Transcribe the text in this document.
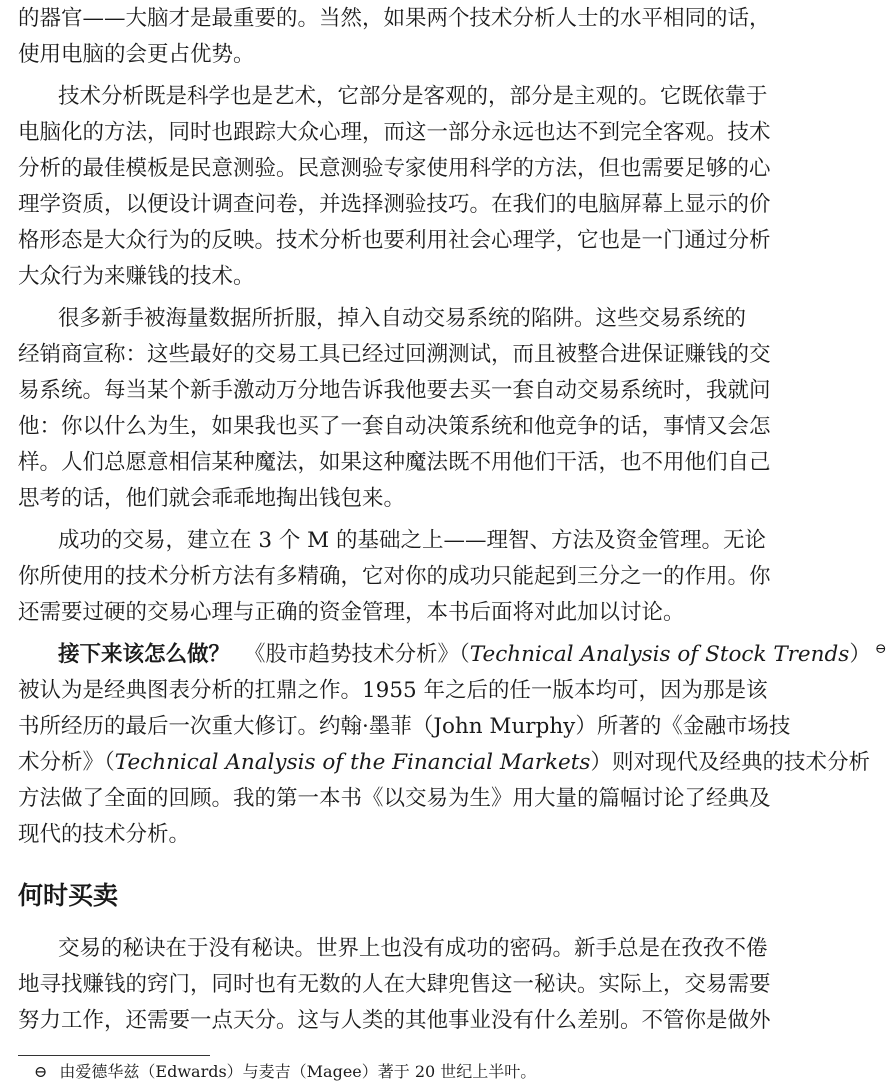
的器官——大脑才是最重要的。当然，如果两个技术分析人士的水平相同的话，
使用电脑的会更占优势。
技术分析既是科学也是艺术，它部分是客观的，部分是主观的。它既依靠于
电脑化的方法，同时也跟踪大众心理，而这一部分永远也达不到完全客观。技术
分析的最佳模板是民意测验。民意测验专家使用科学的方法，但也需要足够的心
理学资质，以便设计调查问卷，并选择测验技巧。在我们的电脑屏幕上显示的价
格形态是大众行为的反映。技术分析也要利用社会心理学，它也是一门通过分析
大众行为来赚钱的技术。
很多新手被海量数据所折服，掉入自动交易系统的陷阱。这些交易系统的
经销商宣称：这些最好的交易工具已经过回溯测试，而且被整合进保证赚钱的交
易系统。每当某个新手激动万分地告诉我他要去买一套自动交易系统时，我就问
他：你以什么为生，如果我也买了一套自动决策系统和他竞争的话，事情又会怎
样。人们总愿意相信某种魔法，如果这种魔法既不用他们干活，也不用他们自己
思考的话，他们就会乖乖地掏出钱包来。
成功的交易，建立在 3 个 M 的基础之上——理智、方法及资金管理。无论
你所使用的技术分析方法有多精确，它对你的成功只能起到三分之一的作用。你
还需要过硬的交易心理与正确的资金管理，本书后面将对此加以讨论。
接下来该怎么做？ 《股市趋势技术分析》（Technical Analysis of Stock Trends） ⊖
被认为是经典图表分析的扛鼎之作。1955 年之后的任一版本均可，因为那是该
书所经历的最后一次重大修订。约翰·墨菲（John Murphy）所著的《金融市场技
术分析》（Technical Analysis of the Financial Markets）则对现代及经典的技术分析
方法做了全面的回顾。我的第一本书《以交易为生》用大量的篇幅讨论了经典及
现代的技术分析。
何时买卖
交易的秘诀在于没有秘诀。世界上也没有成功的密码。新手总是在孜孜不倦
地寻找赚钱的窍门，同时也有无数的人在大肆兜售这一秘诀。实际上，交易需要
努力工作，还需要一点天分。这与人类的其他事业没有什么差别。不管你是做外
⊖ 由爱德华兹（Edwards）与麦吉（Magee）著于 20 世纪上半叶。
